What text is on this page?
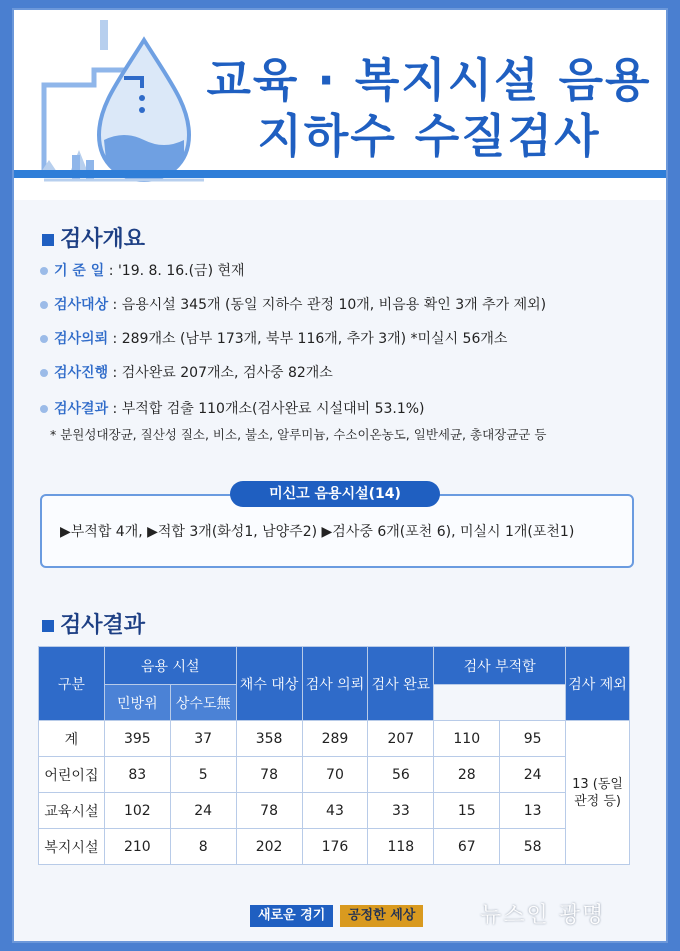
교육 · 복지시설 음용
지하수 수질검사
검사개요
기 준 일 : '19. 8. 16.(금) 현재
검사대상 : 음용시설 345개 (동일 지하수 관정 10개, 비음용 확인 3개 추가 제외)
검사의뢰 : 289개소 (남부 173개, 북부 116개, 추가 3개) *미실시 56개소
검사진행 : 검사완료 207개소, 검사중 82개소
검사결과 : 부적합 검출 110개소(검사완료 시설대비 53.1%)
* 분원성대장균, 질산성 질소, 비소, 불소, 알루미늄, 수소이온농도, 일반세균, 총대장균군 등
미신고 음용시설(14)
▶부적합 4개, ▶적합 3개(화성1, 남양주2) ▶검사중 6개(포천 6), 미실시 1개(포천1)
검사결과
구분	음용 시설		채수 대상	검사 의뢰	검사 완료	검사 부적합		검사 제외
	민방위	상수도無						
계	395	37	358	289	207	110	95	13 (동일 관정 등)
어린이집	83	5	78	70	56	28	24	
교육시설	102	24	78	43	33	15	13	
복지시설	210	8	202	176	118	67	58	
새로운 경기	공정한 세상	뉴스인 광명
